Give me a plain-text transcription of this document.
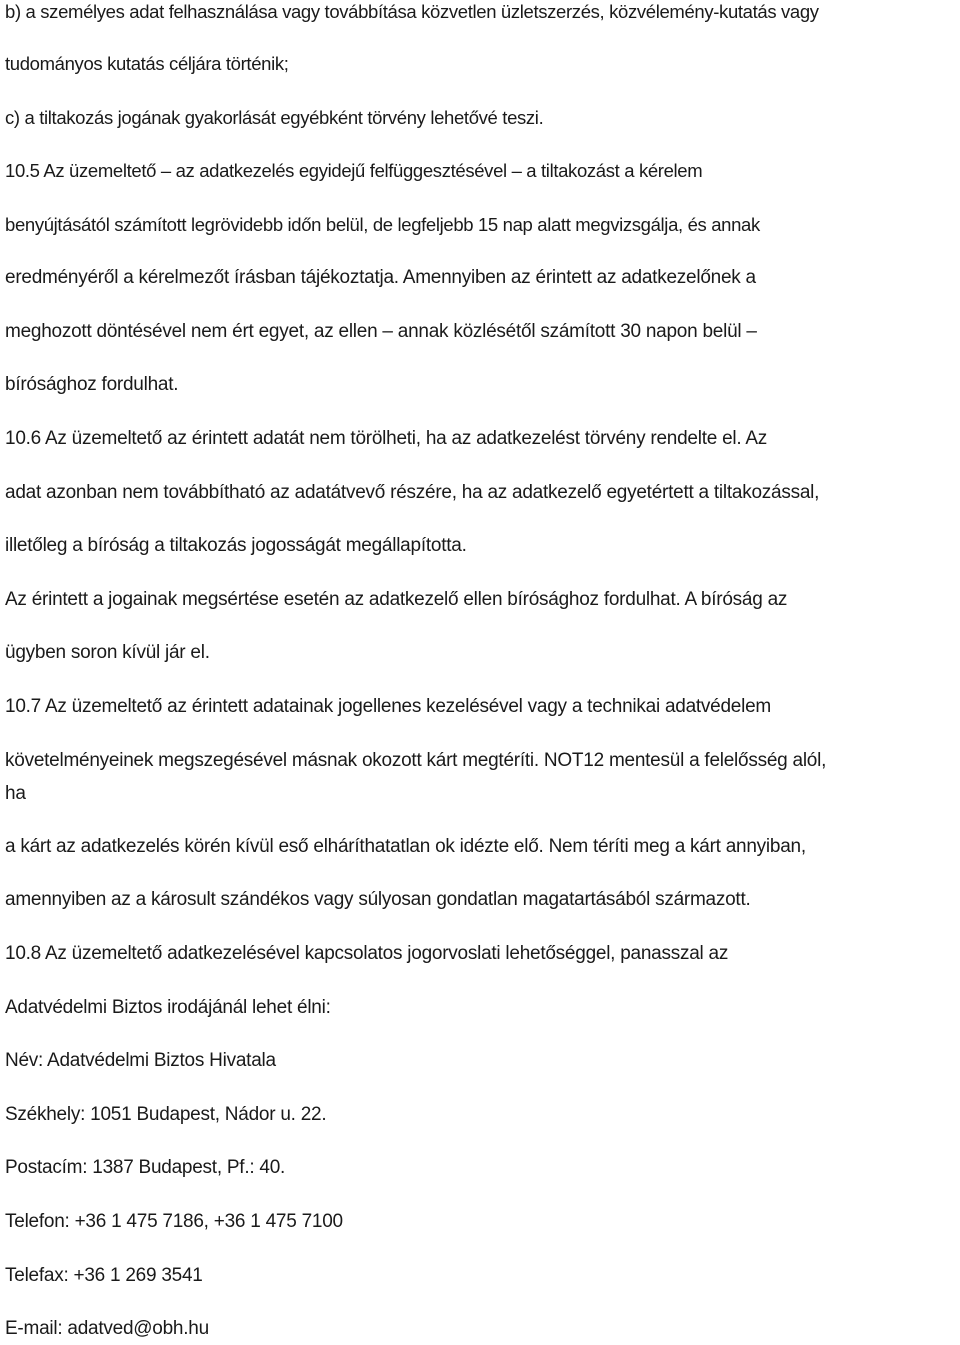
b) a személyes adat felhasználása vagy továbbítása közvetlen üzletszerzés, közvélemény-kutatás vagy
tudományos kutatás céljára történik;
c) a tiltakozás jogának gyakorlását egyébként törvény lehetővé teszi.
10.5 Az üzemeltető – az adatkezelés egyidejű felfüggesztésével – a tiltakozást a kérelem
benyújtásától számított legrövidebb időn belül, de legfeljebb 15 nap alatt megvizsgálja, és annak
eredményéről a kérelmezőt írásban tájékoztatja. Amennyiben az érintett az adatkezelőnek a
meghozott döntésével nem ért egyet, az ellen – annak közlésétől számított 30 napon belül –
bírósághoz fordulhat.
10.6 Az üzemeltető az érintett adatát nem törölheti, ha az adatkezelést törvény rendelte el. Az
adat azonban nem továbbítható az adatátvevő részére, ha az adatkezelő egyetértett a tiltakozással,
illetőleg a bíróság a tiltakozás jogosságát megállapította.
Az érintett a jogainak megsértése esetén az adatkezelő ellen bírósághoz fordulhat. A bíróság az
ügyben soron kívül jár el.
10.7 Az üzemeltető az érintett adatainak jogellenes kezelésével vagy a technikai adatvédelem
követelményeinek megszegésével másnak okozott kárt megtéríti. NOT12 mentesül a felelősség alól,
ha
a kárt az adatkezelés körén kívül eső elháríthatatlan ok idézte elő. Nem téríti meg a kárt annyiban,
amennyiben az a károsult szándékos vagy súlyosan gondatlan magatartásából származott.
10.8 Az üzemeltető adatkezelésével kapcsolatos jogorvoslati lehetőséggel, panasszal az
Adatvédelmi Biztos irodájánál lehet élni:
Név: Adatvédelmi Biztos Hivatala
Székhely: 1051 Budapest, Nádor u. 22.
Postacím: 1387 Budapest, Pf.: 40.
Telefon: +36 1 475 7186, +36 1 475 7100
Telefax: +36 1 269 3541
E-mail: adatved@obh.hu
